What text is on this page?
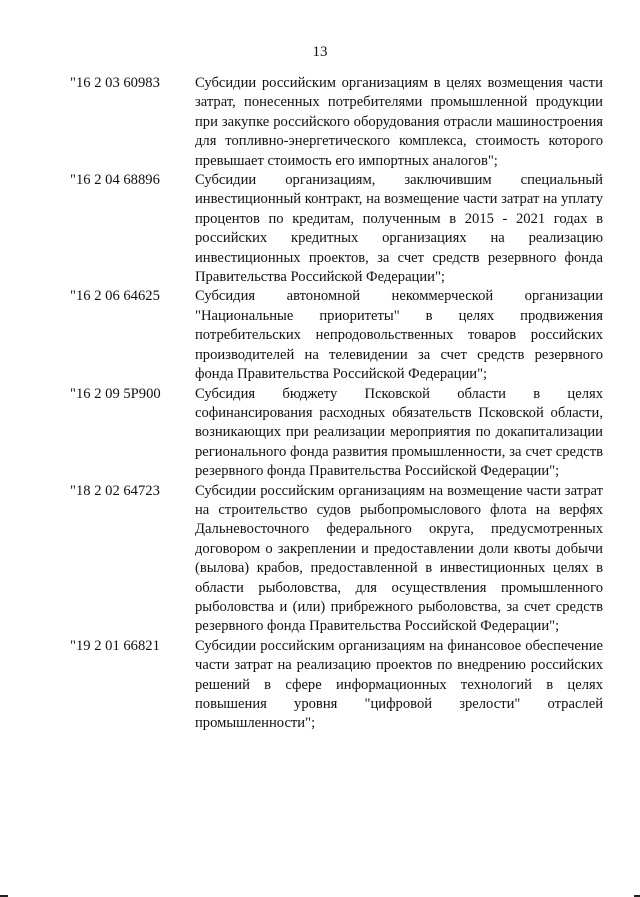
13
"16 2 03 60983	Субсидии российским организациям в целях возмещения части затрат, понесенных потребителями промышленной продукции при закупке российского оборудования отрасли машиностроения для топливно-энергетического комплекса, стоимость которого превышает стоимость его импортных аналогов";
"16 2 04 68896	Субсидии организациям, заключившим специальный инвестиционный контракт, на возмещение части затрат на уплату процентов по кредитам, полученным в 2015 - 2021 годах в российских кредитных организациях на реализацию инвестиционных проектов, за счет средств резервного фонда Правительства Российской Федерации";
"16 2 06 64625	Субсидия автономной некоммерческой организации "Национальные приоритеты" в целях продвижения потребительских непродовольственных товаров российских производителей на телевидении за счет средств резервного фонда Правительства Российской Федерации";
"16 2 09 5Р900	Субсидия бюджету Псковской области в целях софинансирования расходных обязательств Псковской области, возникающих при реализации мероприятия по докапитализации регионального фонда развития промышленности, за счет средств резервного фонда Правительства Российской Федерации";
"18 2 02 64723	Субсидии российским организациям на возмещение части затрат на строительство судов рыбопромыслового флота на верфях Дальневосточного федерального округа, предусмотренных договором о закреплении и предоставлении доли квоты добычи (вылова) крабов, предоставленной в инвестиционных целях в области рыболовства, для осуществления промышленного рыболовства и (или) прибрежного рыболовства, за счет средств резервного фонда Правительства Российской Федерации";
"19 2 01 66821	Субсидии российским организациям на финансовое обеспечение части затрат на реализацию проектов по внедрению российских решений в сфере информационных технологий в целях повышения уровня "цифровой зрелости" отраслей промышленности";
